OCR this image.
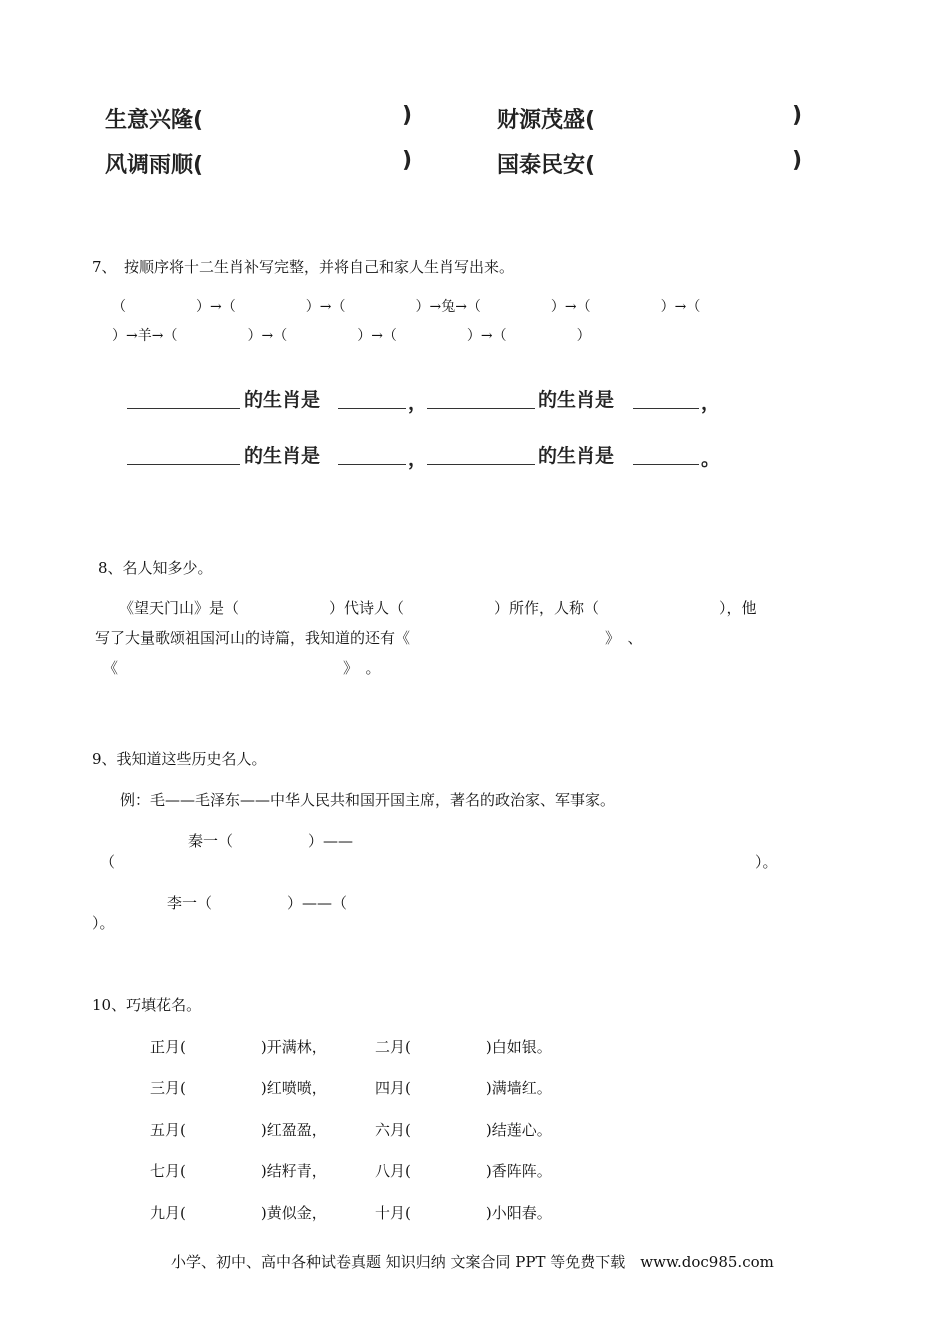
生意兴隆(	)	财源茂盛(	)
风调雨顺(	)	国泰民安(	)
7、　按顺序将十二生肖补写完整，并将自己和家人生肖写出来。
（　　　　　）→（　　　　　）→（　　　　　）→兔→（　　　　　）→（　　　　　）→（
）→羊→（　　　　　）→（　　　　　）→（　　　　　）→（　　　　　）
的生肖是	，	的生肖是	，
的生肖是	，	的生肖是	。
8、名人知多少。
《望天门山》是（　　　　　　）代诗人（　　　　　　）所作，人称（　　　　　　　　），他
写了大量歌颂祖国河山的诗篇，我知道的还有《　　　　　　　　　　　　　》　、
《　　　　　　　　　　　　　　　》　。
9、我知道这些历史名人。
例：毛——毛泽东——中华人民共和国开国主席，著名的政治家、军事家。
秦一（　　　　　）——
（	）。
李一（　　　　　）——（
）。
10、巧填花名。
正月(　　　　　)开满林，	二月(　　　　　)白如银。
三月(　　　　　)红喷喷，	四月(　　　　　)满墙红。
五月(　　　　　)红盈盈，	六月(　　　　　)结莲心。
七月(　　　　　)结籽青，	八月(　　　　　)香阵阵。
九月(　　　　　)黄似金，	十月(　　　　　)小阳春。
小学、初中、高中各种试卷真题 知识归纳 文案合同 PPT 等免费下载　www.doc985.com
